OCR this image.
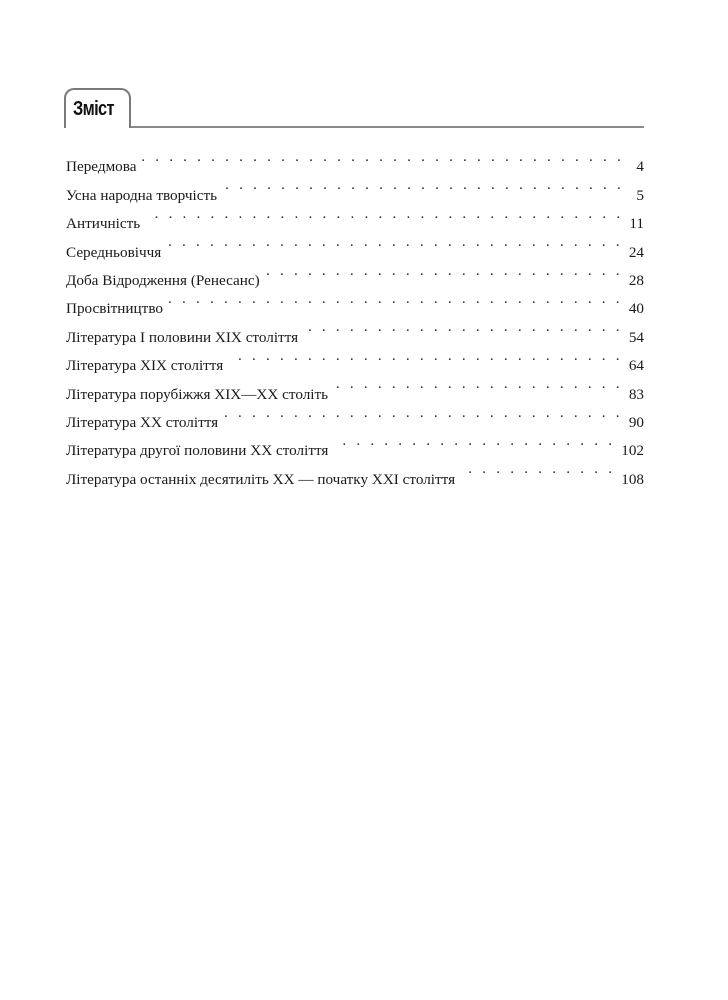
Зміст
Передмова . . .	4
Усна народна творчість . . .	5
Античність . . .	11
Середньовіччя . . .	24
Доба Відродження (Ренесанс) . . .	28
Просвітництво . . .	40
Література І половини ХІХ століття . . .	54
Література ХІХ століття . . .	64
Література порубіжжя ХІХ—ХХ століть . . .	83
Література ХХ століття . . .	90
Література другої половини ХХ століття . . .	102
Література останніх десятиліть ХХ — початку ХХІ століття . . .	108
